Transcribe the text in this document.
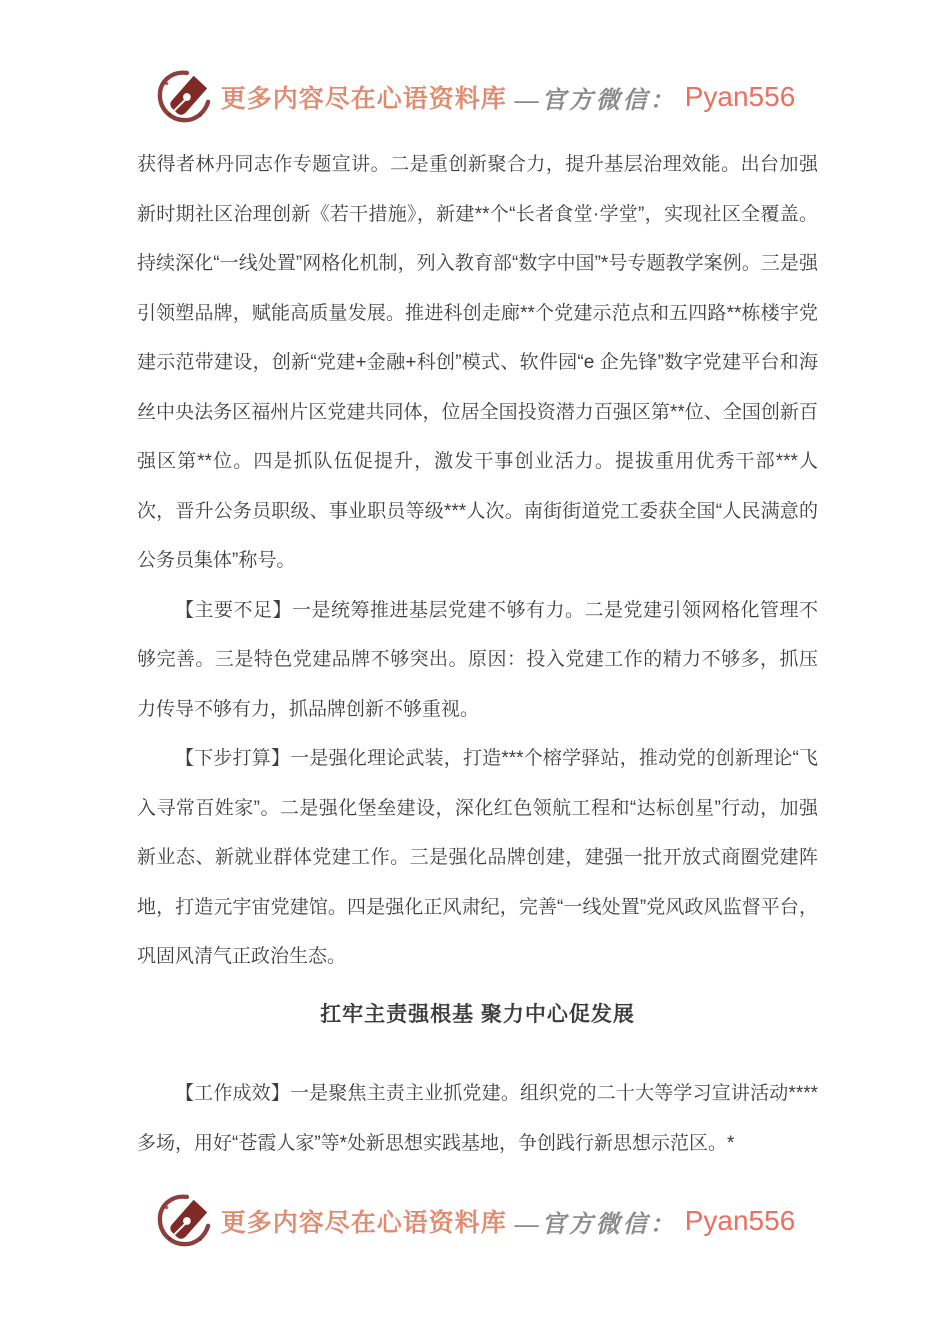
更多内容尽在心语资料库 —官方微信： Pyan556

获得者林丹同志作专题宣讲。二是重创新聚合力，提升基层治理效能。出台加强新时期社区治理创新《若干措施》，新建**个“长者食堂·学堂”，实现社区全覆盖。持续深化“一线处置”网格化机制，列入教育部“数字中国”*号专题教学案例。三是强引领塑品牌，赋能高质量发展。推进科创走廊**个党建示范点和五四路**栋楼宇党建示范带建设，创新“党建+金融+科创”模式、软件园“e 企先锋”数字党建平台和海丝中央法务区福州片区党建共同体，位居全国投资潜力百强区第**位、全国创新百强区第**位。四是抓队伍促提升，激发干事创业活力。提拔重用优秀干部***人次，晋升公务员职级、事业职员等级***人次。南街街道党工委获全国“人民满意的公务员集体”称号。

【主要不足】一是统筹推进基层党建不够有力。二是党建引领网格化管理不够完善。三是特色党建品牌不够突出。原因：投入党建工作的精力不够多，抓压力传导不够有力，抓品牌创新不够重视。

【下步打算】一是强化理论武装，打造***个榕学驿站，推动党的创新理论“飞入寻常百姓家”。二是强化堡垒建设，深化红色领航工程和“达标创星”行动，加强新业态、新就业群体党建工作。三是强化品牌创建，建强一批开放式商圈党建阵地，打造元宇宙党建馆。四是强化正风肃纪，完善“一线处置”党风政风监督平台，巩固风清气正政治生态。

扛牢主责强根基 聚力中心促发展

【工作成效】一是聚焦主责主业抓党建。组织党的二十大等学习宣讲活动****多场，用好“苍霞人家”等*处新思想实践基地，争创践行新思想示范区。*

更多内容尽在心语资料库 —官方微信： Pyan556
